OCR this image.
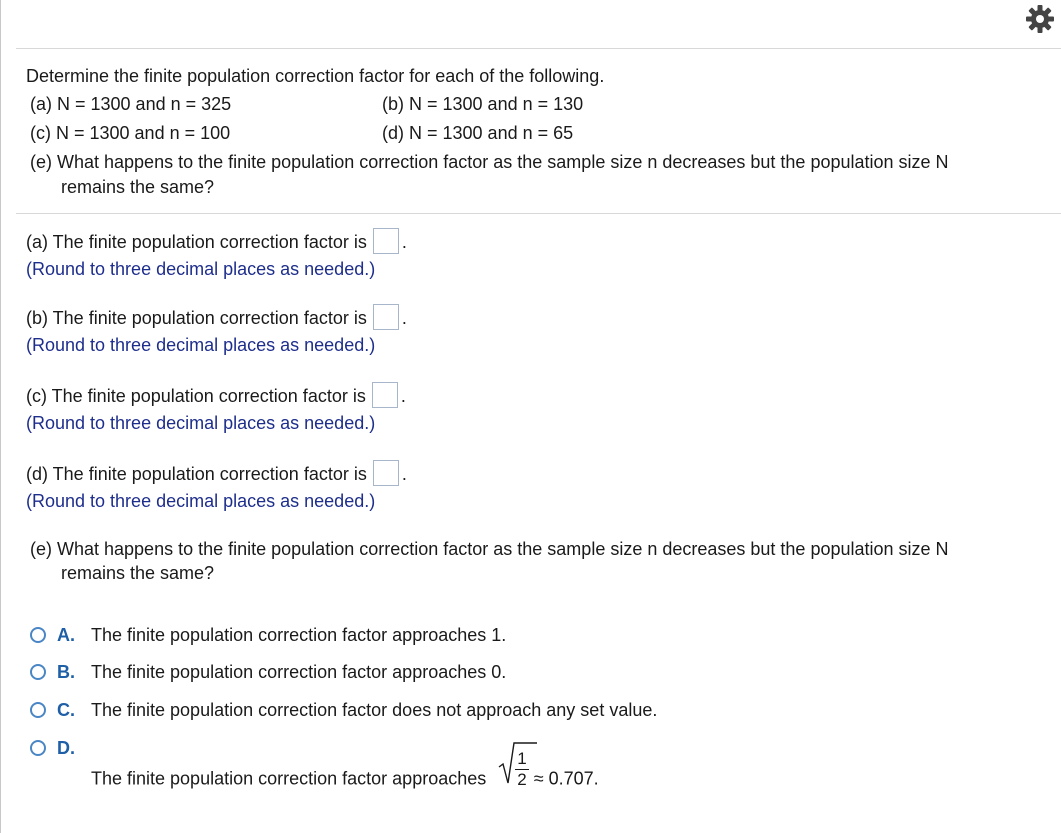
Determine the finite population correction factor for each of the following.
(a) N = 1300 and n = 325	(b) N = 1300 and n = 130
(c) N = 1300 and n = 100	(d) N = 1300 and n = 65
(e) What happens to the finite population correction factor as the sample size n decreases but the population size N
remains the same?
(a) The finite population correction factor is .
(Round to three decimal places as needed.)
(b) The finite population correction factor is .
(Round to three decimal places as needed.)
(c) The finite population correction factor is .
(Round to three decimal places as needed.)
(d) The finite population correction factor is .
(Round to three decimal places as needed.)
(e) What happens to the finite population correction factor as the sample size n decreases but the population size N
remains the same?
A. The finite population correction factor approaches 1.
B. The finite population correction factor approaches 0.
C. The finite population correction factor does not approach any set value.
D.
The finite population correction factor approaches $\frac{1}{2} \approx 0.707$.
